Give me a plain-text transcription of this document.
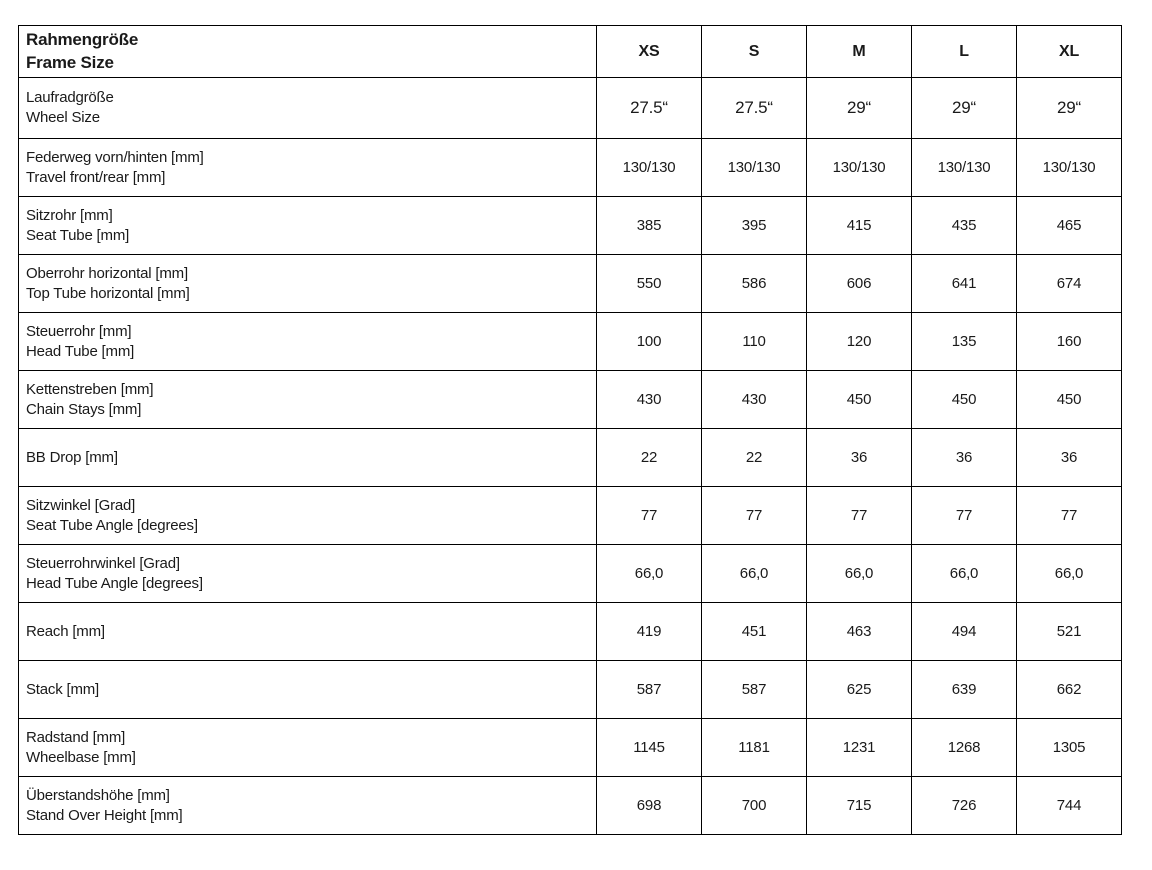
Rahmengröße
Frame Size	XS	S	M	L	XL

Laufradgröße
Wheel Size	27.5“	27.5“	29“	29“	29“

Federweg vorn/hinten [mm]
Travel front/rear [mm]	130/130	130/130	130/130	130/130	130/130

Sitzrohr [mm]
Seat Tube [mm]	385	395	415	435	465

Oberrohr horizontal [mm]
Top Tube horizontal [mm]	550	586	606	641	674

Steuerrohr [mm]
Head Tube [mm]	100	110	120	135	160

Kettenstreben [mm]
Chain Stays [mm]	430	430	450	450	450

BB Drop [mm]	22	22	36	36	36

Sitzwinkel [Grad]
Seat Tube Angle [degrees]	77	77	77	77	77

Steuerrohrwinkel [Grad]
Head Tube Angle [degrees]	66,0	66,0	66,0	66,0	66,0

Reach [mm]	419	451	463	494	521

Stack [mm]	587	587	625	639	662

Radstand [mm]
Wheelbase [mm]	1145	1181	1231	1268	1305

Überstandshöhe [mm]
Stand Over Height [mm]	698	700	715	726	744
